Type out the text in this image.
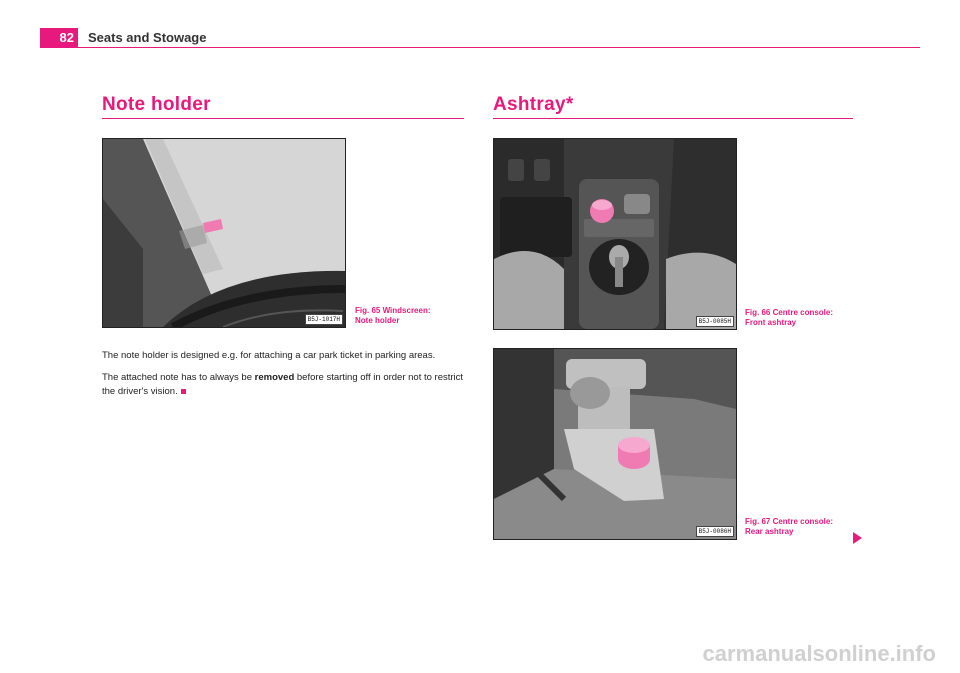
82	Seats and Stowage
Note holder
B5J-1017H
Fig. 65 Windscreen:
Note holder
The note holder is designed e.g. for attaching a car park ticket in parking areas.
The attached note has to always be removed before starting off in order not to restrict the driver's vision.
Ashtray*
B5J-0085H
Fig. 66 Centre console:
Front ashtray
B5J-0086H
Fig. 67 Centre console:
Rear ashtray
carmanualsonline.info
